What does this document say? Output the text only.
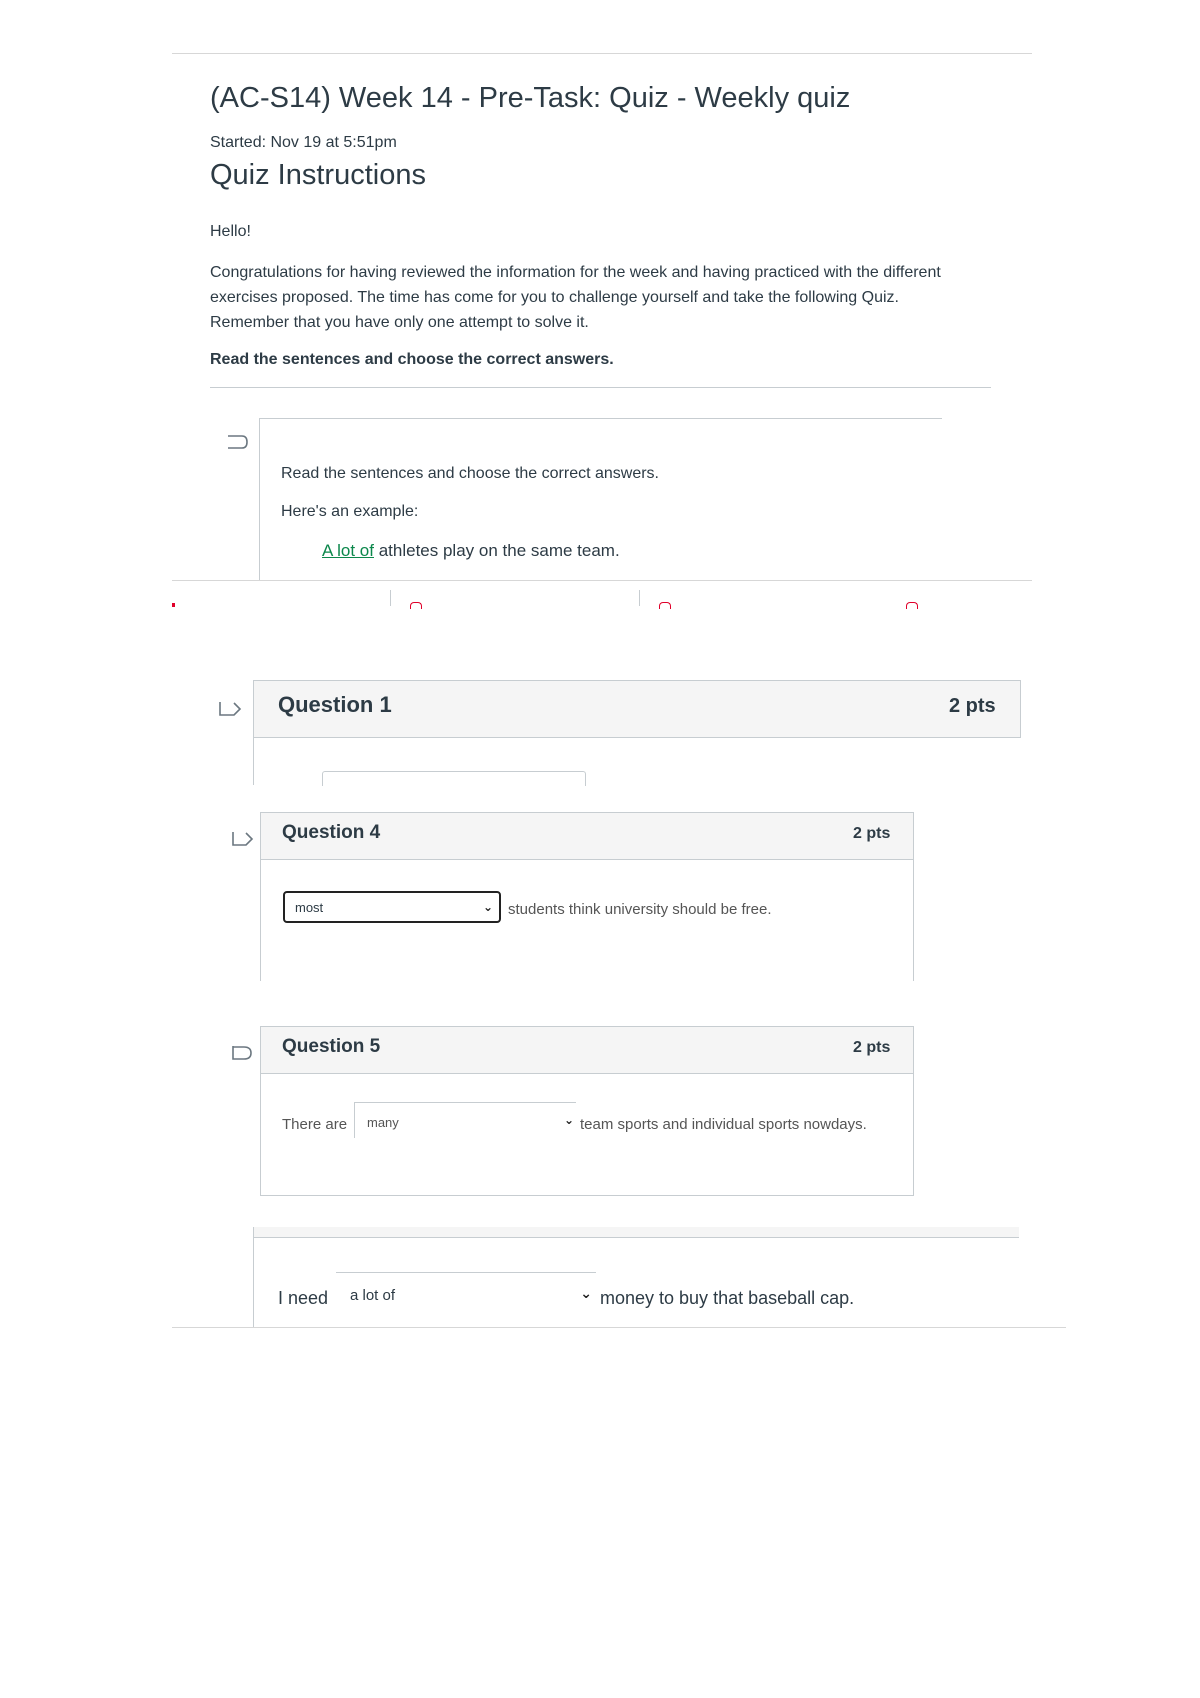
(AC-S14) Week 14 - Pre-Task: Quiz - Weekly quiz
Started: Nov 19 at 5:51pm
Quiz Instructions
Hello!
Congratulations for having reviewed the information for the week and having practiced with the different
exercises proposed. The time has come for you to challenge yourself and take the following Quiz.
Remember that you have only one attempt to solve it.
Read the sentences and choose the correct answers.
Read the sentences and choose the correct answers.
Here's an example:
A lot of athletes play on the same team.
Question 1	2 pts
Question 4	2 pts
most	⌄ students think university should be free.
Question 5	2 pts
There are	many	⌄ team sports and individual sports nowdays.
I need	a lot of	⌄ money to buy that baseball cap.
